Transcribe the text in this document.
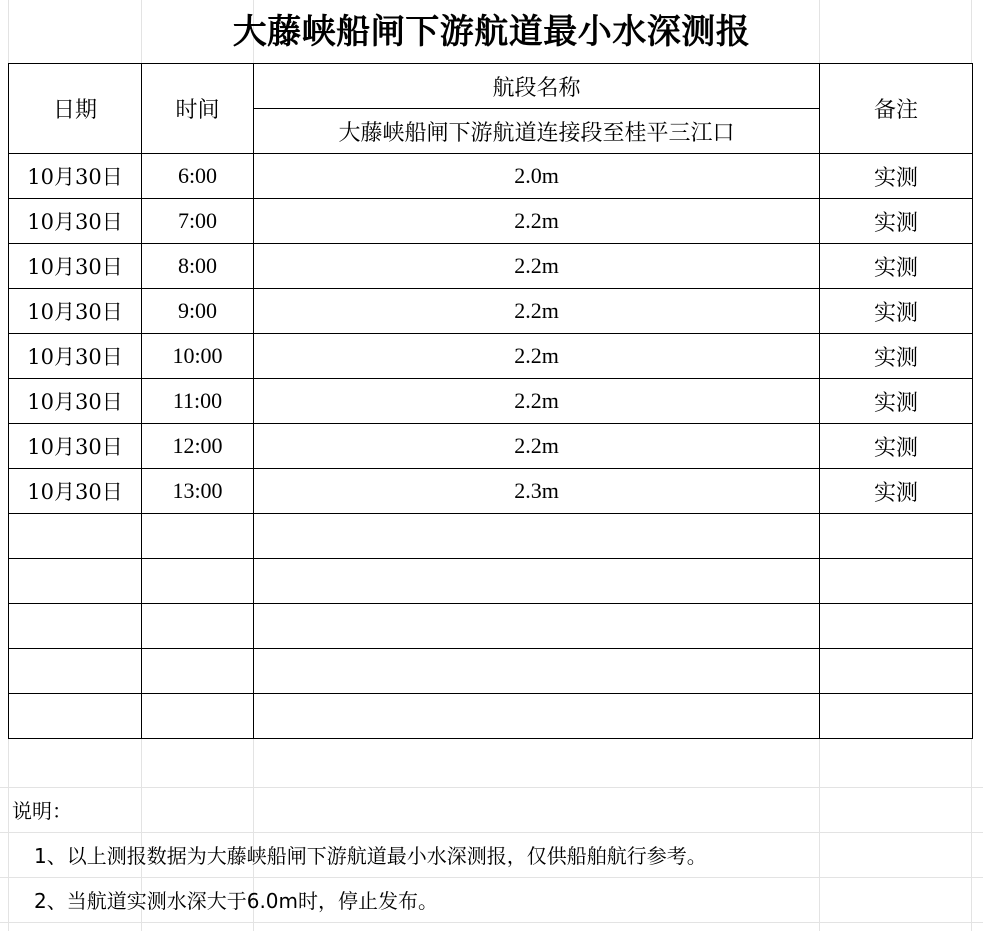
大藤峡船闸下游航道最小水深测报
日期	时间	航段名称	备注
		大藤峡船闸下游航道连接段至桂平三江口	
10月30日	6:00	2.0m	实测
10月30日	7:00	2.2m	实测
10月30日	8:00	2.2m	实测
10月30日	9:00	2.2m	实测
10月30日	10:00	2.2m	实测
10月30日	11:00	2.2m	实测
10月30日	12:00	2.2m	实测
10月30日	13:00	2.3m	实测

说明：
1、以上测报数据为大藤峡船闸下游航道最小水深测报，仅供船舶航行参考。
2、当航道实测水深大于6.0m时，停止发布。
